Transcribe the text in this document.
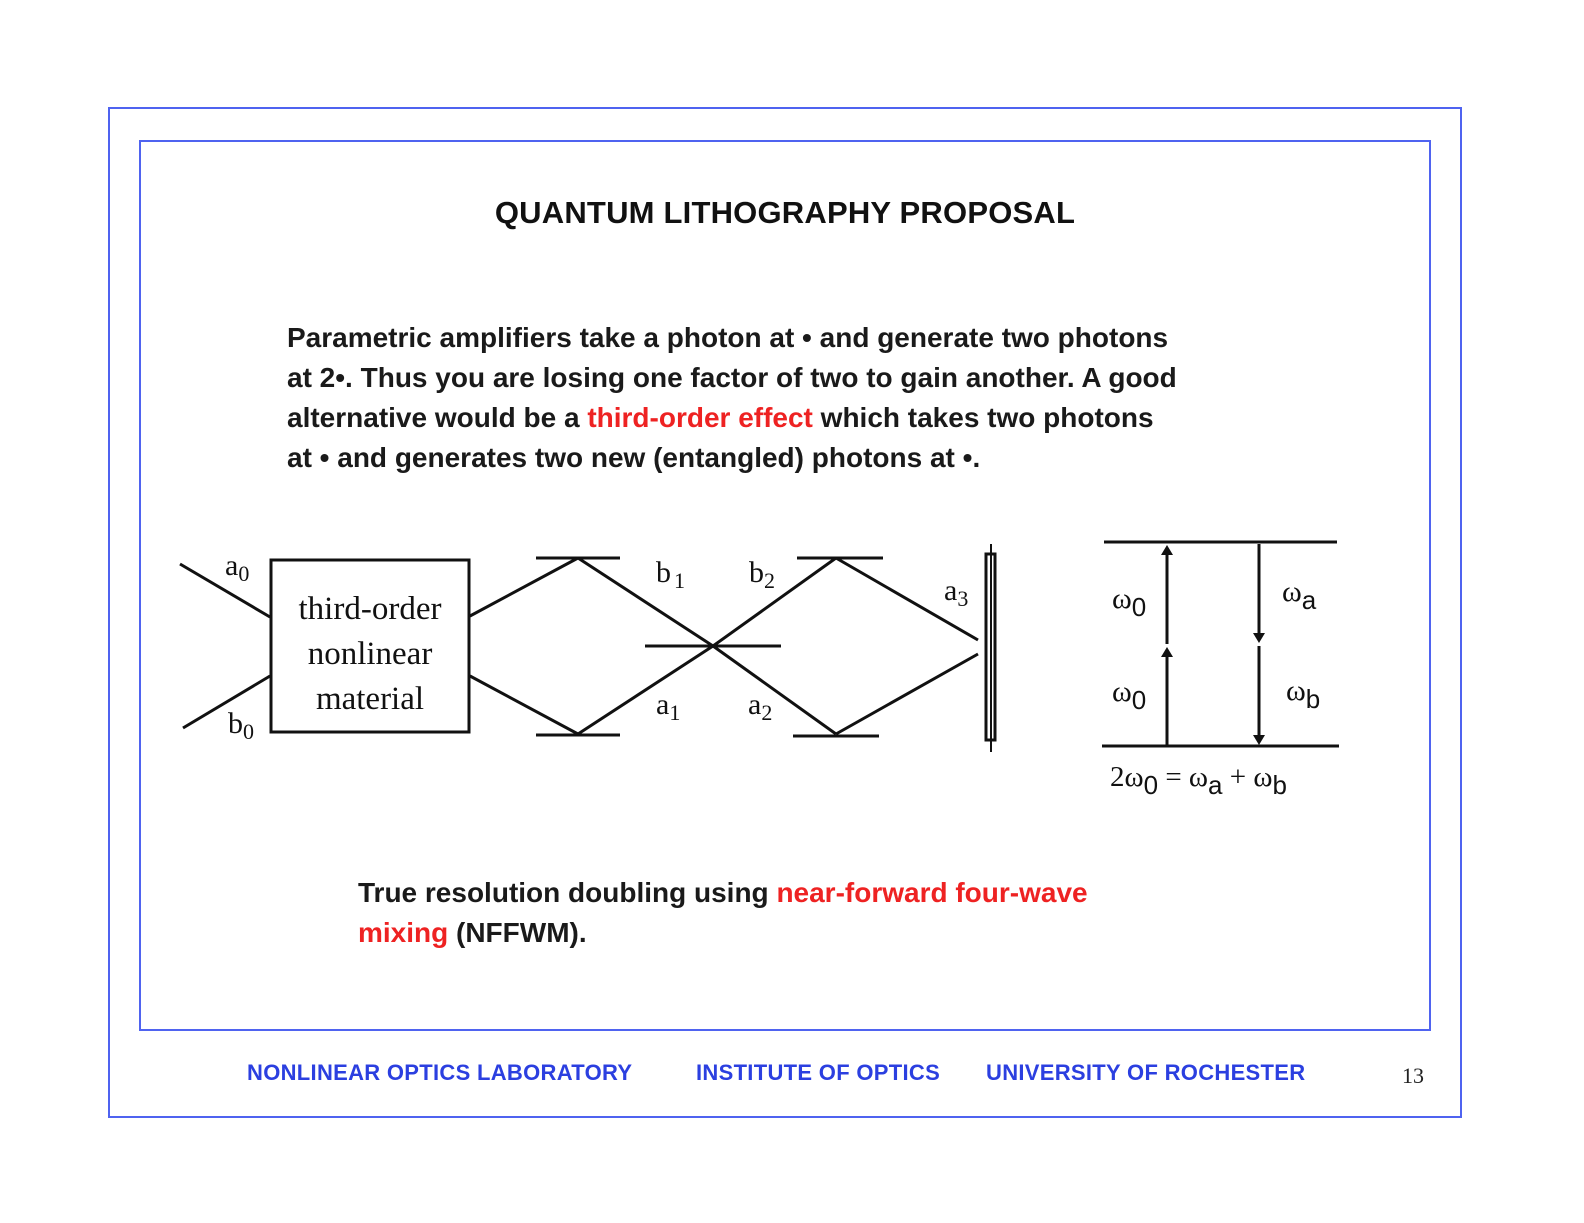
QUANTUM LITHOGRAPHY PROPOSAL
Parametric amplifiers take a photon at • and generate two photons
at 2•. Thus you are losing one factor of two to gain another. A good
alternative would be a third-order effect which takes two photons
at • and generates two new (entangled) photons at •.
third-order
nonlinear
material
$a_0$
$b_0$
b $_1$ $b_2$
$a_1$ $a_2$
$a_3$	ω0
ω0
ωa
ωb
2ω0 = ωa + ωb
True resolution doubling using near-forward four-wave
mixing (NFFWM).
NONLINEAR OPTICS LABORATORY	INSTITUTE OF OPTICS UNIVERSITY OF ROCHESTER	13
